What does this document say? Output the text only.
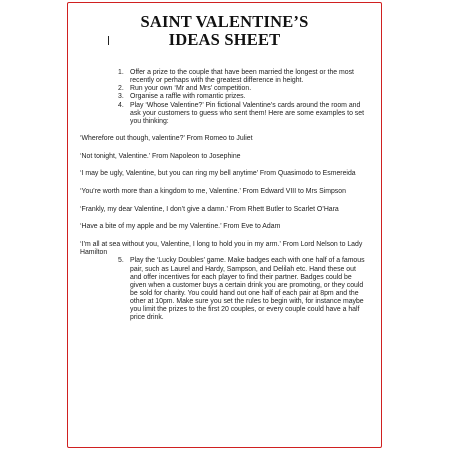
SAINT VALENTINE’S
IDEAS SHEET
1. Offer a prize to the couple that have been married the longest or the most recently or perhaps with the greatest difference in height.
2. Run your own ‘Mr and Mrs’ competition.
3. Organise a raffle with romantic prizes.
4. Play ‘Whose Valentine?’ Pin fictional Valentine’s cards around the room and ask your customers to guess who sent them! Here are some examples to set you thinking:
‘Wherefore out though, valentine?’ From Romeo to Juliet
‘Not tonight, Valentine.’ From Napoleon to Josephine
‘I may be ugly, Valentine, but you can ring my bell anytime’ From Quasimodo to Esmereida
‘You’re worth more than a kingdom to me, Valentine.’ From Edward VIII to Mrs Simpson
‘Frankly, my dear Valentine, I don’t give a damn.’ From Rhett Butler to Scarlet O’Hara
‘Have a bite of my apple and be my Valentine.’ From Eve to Adam
‘I’m all at sea without you, Valentine, I long to hold you in my arm.’ From Lord Nelson to Lady Hamilton
5. Play the ‘Lucky Doubles’ game. Make badges each with one half of a famous pair, such as Laurel and Hardy, Sampson, and Delilah etc. Hand these out and offer incentives for each player to find their partner. Badges could be given when a customer buys a certain drink you are promoting, or they could be sold for charity. You could hand out one half of each pair at 8pm and the other at 10pm. Make sure you set the rules to begin with, for instance maybe you limit the prizes to the first 20 couples, or every couple could have a half price drink.
